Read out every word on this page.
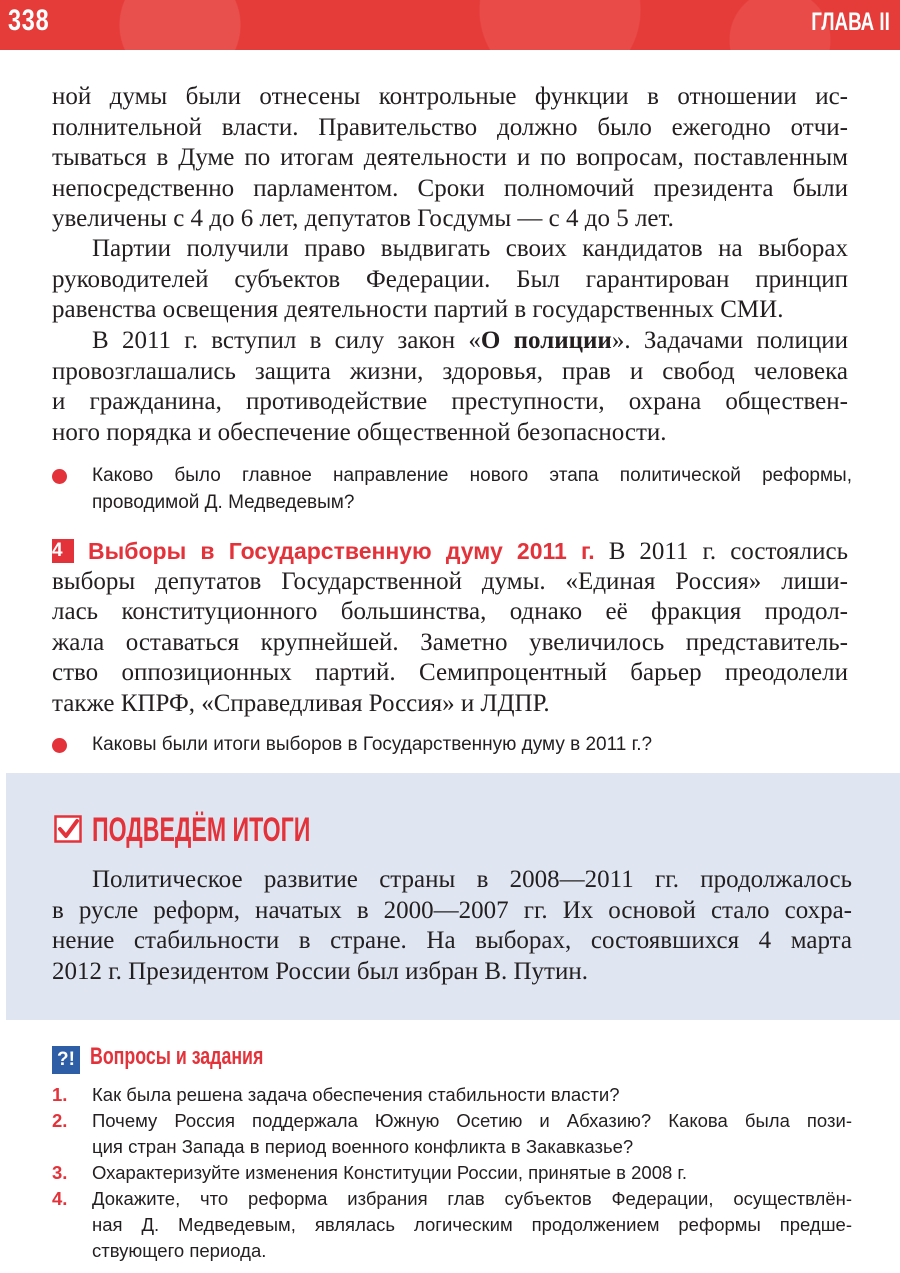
338	ГЛАВА II
ной думы были отнесены контрольные функции в отношении ис-
полнительной власти. Правительство должно было ежегодно отчи-
тываться в Думе по итогам деятельности и по вопросам, поставленным
непосредственно парламентом. Сроки полномочий президента были
увеличены с 4 до 6 лет, депутатов Госдумы — с 4 до 5 лет.
Партии получили право выдвигать своих кандидатов на выборах
руководителей субъектов Федерации. Был гарантирован принцип
равенства освещения деятельности партий в государственных СМИ.
В 2011 г. вступил в силу закон «О полиции». Задачами полиции
провозглашались защита жизни, здоровья, прав и свобод человека
и гражданина, противодействие преступности, охрана обществен-
ного порядка и обеспечение общественной безопасности.
Каково было главное направление нового этапа политической реформы,
проводимой Д. Медведевым?
4 Выборы в Государственную думу 2011 г. В 2011 г. состоялись
выборы депутатов Государственной думы. «Единая Россия» лиши-
лась конституционного большинства, однако её фракция продол-
жала оставаться крупнейшей. Заметно увеличилось представитель-
ство оппозиционных партий. Семипроцентный барьер преодолели
также КПРФ, «Справедливая Россия» и ЛДПР.
Каковы были итоги выборов в Государственную думу в 2011 г.?
ПОДВЕДЁМ ИТОГИ
Политическое развитие страны в 2008—2011 гг. продолжалось
в русле реформ, начатых в 2000—2007 гг. Их основой стало сохра-
нение стабильности в стране. На выборах, состоявшихся 4 марта
2012 г. Президентом России был избран В. Путин.
?! Вопросы и задания
1. Как была решена задача обеспечения стабильности власти?
2. Почему Россия поддержала Южную Осетию и Абхазию? Какова была пози-
ция стран Запада в период военного конфликта в Закавказье?
3. Охарактеризуйте изменения Конституции России, принятые в 2008 г.
4. Докажите, что реформа избрания глав субъектов Федерации, осуществлён-
ная Д. Медведевым, являлась логическим продолжением реформы предше-
ствующего периода.
